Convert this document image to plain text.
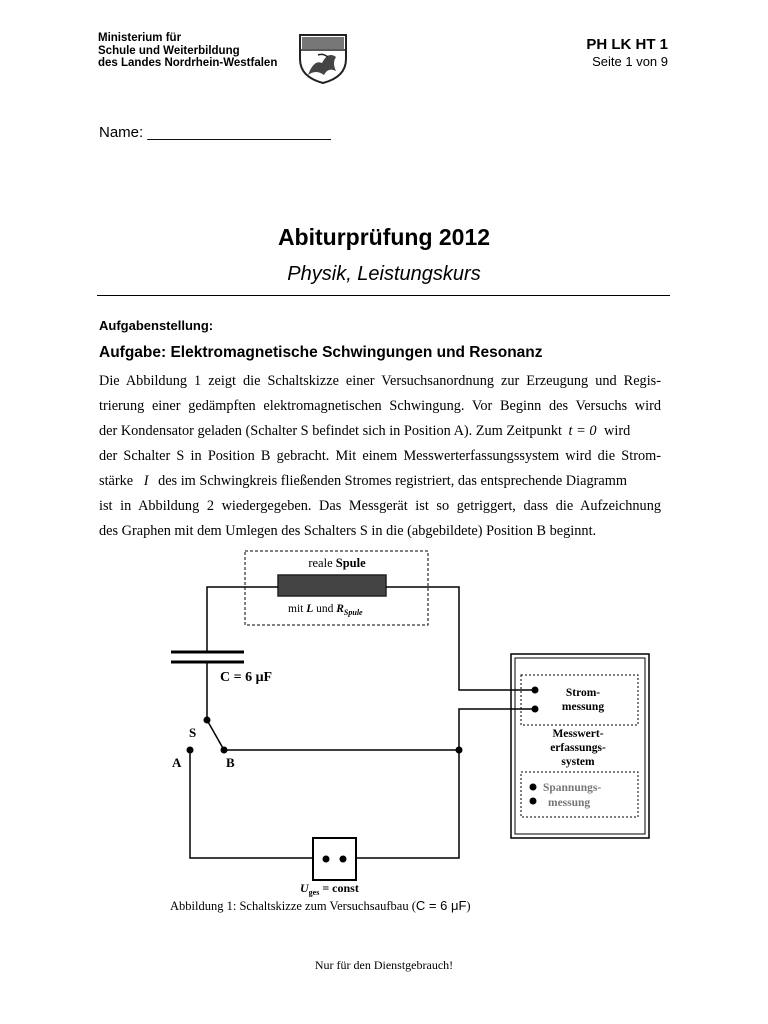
Ministerium für
Schule und Weiterbildung
des Landes Nordrhein-Westfalen
PH LK HT 1
Seite 1 von 9
Name: ______________________
Abiturprüfung 2012
Physik, Leistungskurs
Aufgabenstellung:
Aufgabe: Elektromagnetische Schwingungen und Resonanz
Die Abbildung 1 zeigt die Schaltskizze einer Versuchsanordnung zur Erzeugung und Regis-
trierung einer gedämpften elektromagnetischen Schwingung. Vor Beginn des Versuchs wird
der Kondensator geladen (Schalter S befindet sich in Position A). Zum Zeitpunkt t = 0 wird
der Schalter S in Position B gebracht. Mit einem Messwerterfassungssystem wird die Strom-
stärke I des im Schwingkreis fließenden Stromes registriert, das entsprechende Diagramm
ist in Abbildung 2 wiedergegeben. Das Messgerät ist so getriggert, dass die Aufzeichnung
des Graphen mit dem Umlegen des Schalters S in die (abgebildete) Position B beginnt.
reale Spule
mit L und $R_{Spule}$
C = 6 μF
S
A	B
Strom-
messung
Messwert-
erfassungs-
system
Spannungs-
messung
$U_{ges}$ = const
Abbildung 1: Schaltskizze zum Versuchsaufbau (C = 6 μF)
Nur für den Dienstgebrauch!
